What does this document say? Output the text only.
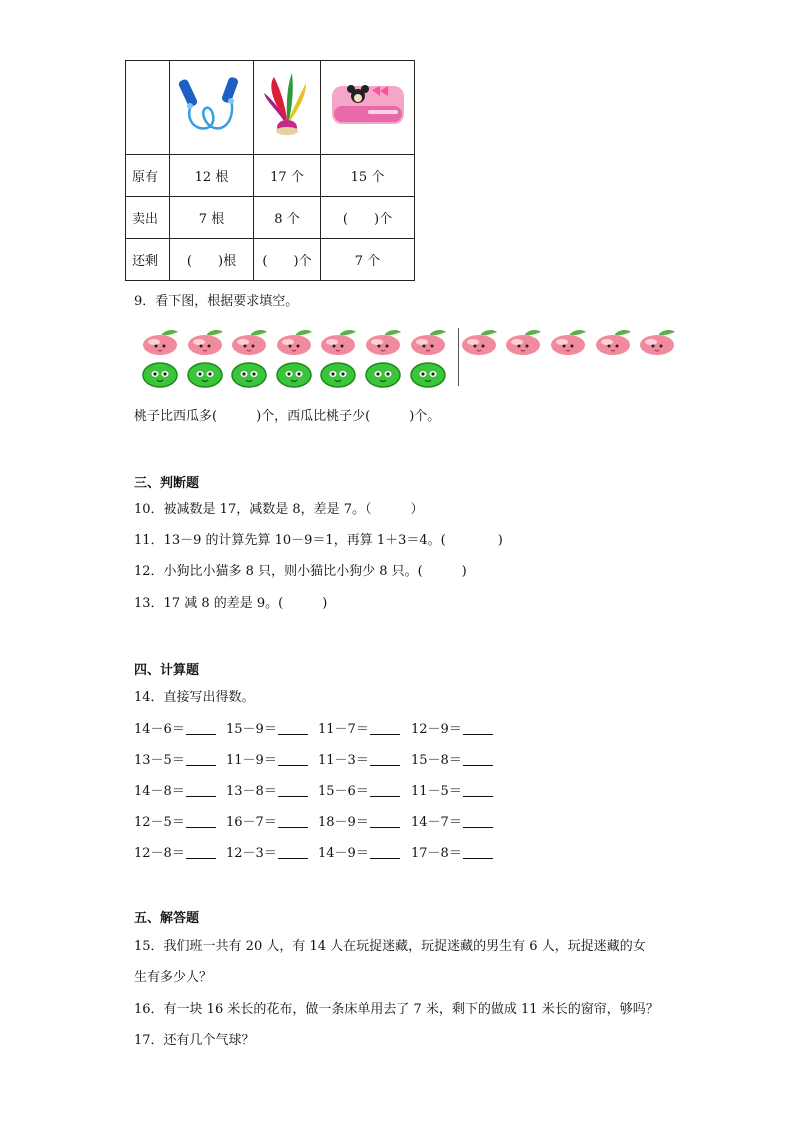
原有	12 根	17 个	15 个
卖出	7 根	8 个	(　　)个
还剩	(　　)根	(　　)个	7 个
9．看下图，根据要求填空。
桃子比西瓜多(　　　)个，西瓜比桃子少(　　　)个。
三、判断题
10．被减数是 17，减数是 8，差是 7。（　　　）
11．13－9 的计算先算 10－9＝1，再算 1＋3＝4。(　　　　)
12．小狗比小猫多 8 只，则小猫比小狗少 8 只。(　　　)
13．17 减 8 的差是 9。(　　　)
四、计算题
14．直接写出得数。
14－6＝	15－9＝	11－7＝	12－9＝
13－5＝	11－9＝	11－3＝	15－8＝
14－8＝	13－8＝	15－6＝	11－5＝
12－5＝	16－7＝	18－9＝	14－7＝
12－8＝	12－3＝	14－9＝	17－8＝
五、解答题
15．我们班一共有 20 人，有 14 人在玩捉迷藏，玩捉迷藏的男生有 6 人，玩捉迷藏的女
生有多少人？
16．有一块 16 米长的花布，做一条床单用去了 7 米，剩下的做成 11 米长的窗帘，够吗？
17．还有几个气球？
